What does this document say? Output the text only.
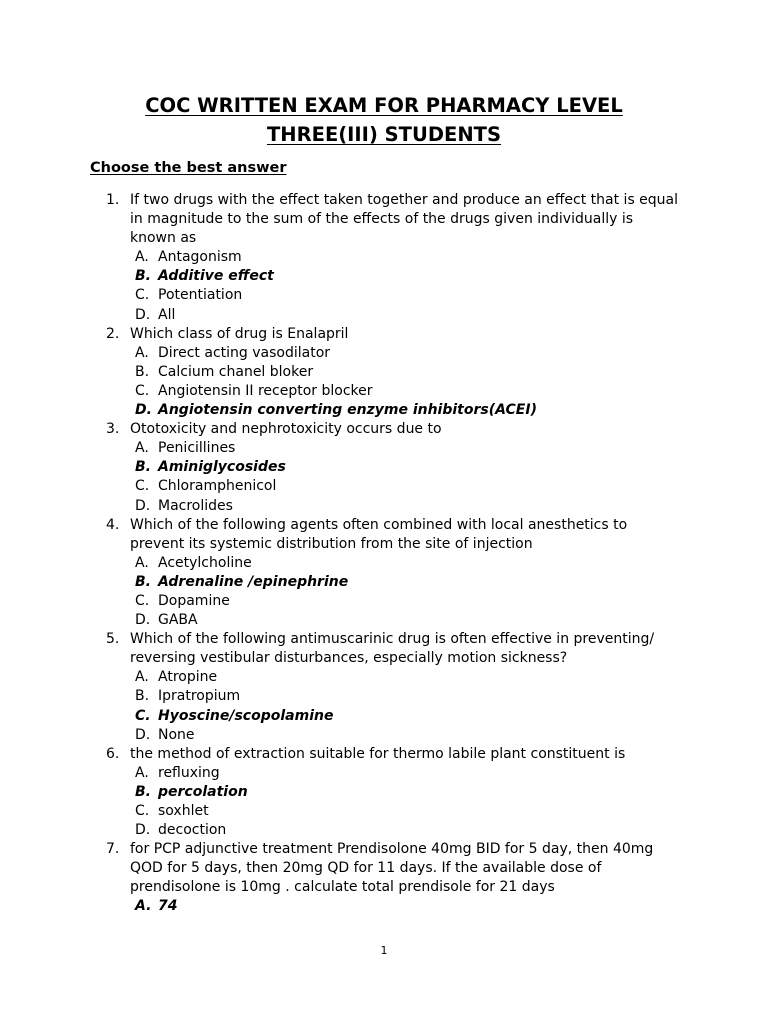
COC WRITTEN EXAM FOR PHARMACY LEVEL
THREE(III) STUDENTS
Choose the best answer
1. If two drugs with the effect taken together and produce an effect that is equal in magnitude to the sum of the effects of the drugs given individually is known as
A. Antagonism
B. Additive effect
C. Potentiation
D. All
2. Which class of drug is Enalapril
A. Direct acting vasodilator
B. Calcium chanel bloker
C. Angiotensin II receptor blocker
D. Angiotensin converting enzyme inhibitors(ACEI)
3. Ototoxicity and nephrotoxicity occurs due to
A. Penicillines
B. Aminiglycosides
C. Chloramphenicol
D. Macrolides
4. Which of the following agents often combined with local anesthetics to prevent its systemic distribution from the site of injection
A. Acetylcholine
B. Adrenaline /epinephrine
C. Dopamine
D. GABA
5. Which of the following antimuscarinic drug is often effective in preventing/ reversing vestibular disturbances, especially motion sickness?
A. Atropine
B. Ipratropium
C. Hyoscine/scopolamine
D. None
6. the method of extraction suitable for thermo labile plant constituent is
A. refluxing
B. percolation
C. soxhlet
D. decoction
7. for PCP adjunctive treatment Prendisolone 40mg BID for 5 day, then 40mg QOD for 5 days, then 20mg QD for 11 days. If the available dose of prendisolone is 10mg . calculate total prendisole for 21 days
A. 74
1
